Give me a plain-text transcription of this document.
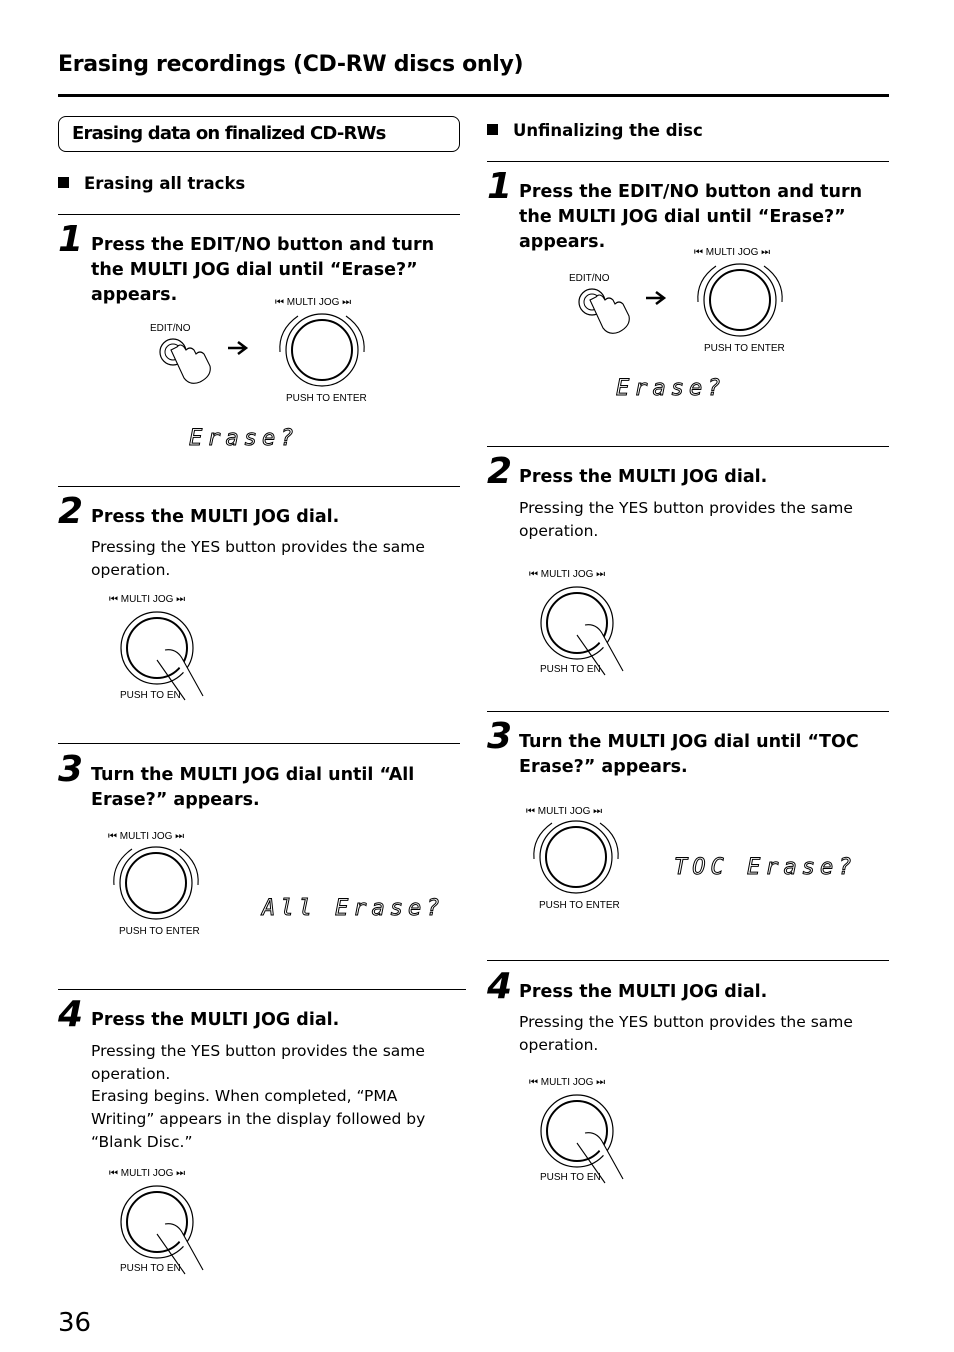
Erasing recordings (CD-RW discs only)
Erasing data on finalized CD-RWs
Erasing all tracks
1 Press the EDIT/NO button and turn the MULTI JOG dial until “Erase?” appears.
EDIT/NO
⏮ MULTI JOG ⏭
PUSH TO ENTER
Erase?
2 Press the MULTI JOG dial.
Pressing the YES button provides the same operation.
⏮ MULTI JOG ⏭
PUSH TO EN
3 Turn the MULTI JOG dial until “All Erase?” appears.
⏮ MULTI JOG ⏭
PUSH TO ENTER
All Erase?
4 Press the MULTI JOG dial.
Pressing the YES button provides the same operation.
Erasing begins. When completed, “PMA Writing” appears in the display followed by “Blank Disc.”
⏮ MULTI JOG ⏭
PUSH TO EN
Unfinalizing the disc
1 Press the EDIT/NO button and turn the MULTI JOG dial until “Erase?” appears.
EDIT/NO
⏮ MULTI JOG ⏭
PUSH TO ENTER
Erase?
2 Press the MULTI JOG dial.
Pressing the YES button provides the same operation.
⏮ MULTI JOG ⏭
PUSH TO EN
3 Turn the MULTI JOG dial until “TOC Erase?” appears.
⏮ MULTI JOG ⏭
PUSH TO ENTER
TOC Erase?
4 Press the MULTI JOG dial.
Pressing the YES button provides the same operation.
⏮ MULTI JOG ⏭
PUSH TO EN
36
